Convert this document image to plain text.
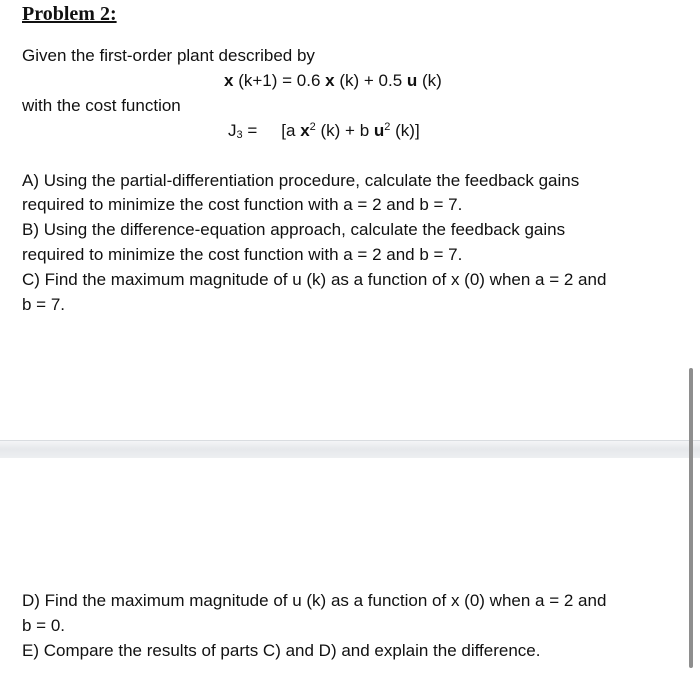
Problem 2:
Given the first-order plant described by
x (k+1) = 0.6 x (k) + 0.5 u (k)
with the cost function
$J_3 = [a$ $x^2$ (k) + b $u^2$ (k)]
A) Using the partial-differentiation procedure, calculate the feedback gains
required to minimize the cost function with a = 2 and b = 7.
B) Using the difference-equation approach, calculate the feedback gains
required to minimize the cost function with a = 2 and b = 7.
C) Find the maximum magnitude of u (k) as a function of x (0) when a = 2 and
b = 7.
D) Find the maximum magnitude of u (k) as a function of x (0) when a = 2 and
b = 0.
E) Compare the results of parts C) and D) and explain the difference.
